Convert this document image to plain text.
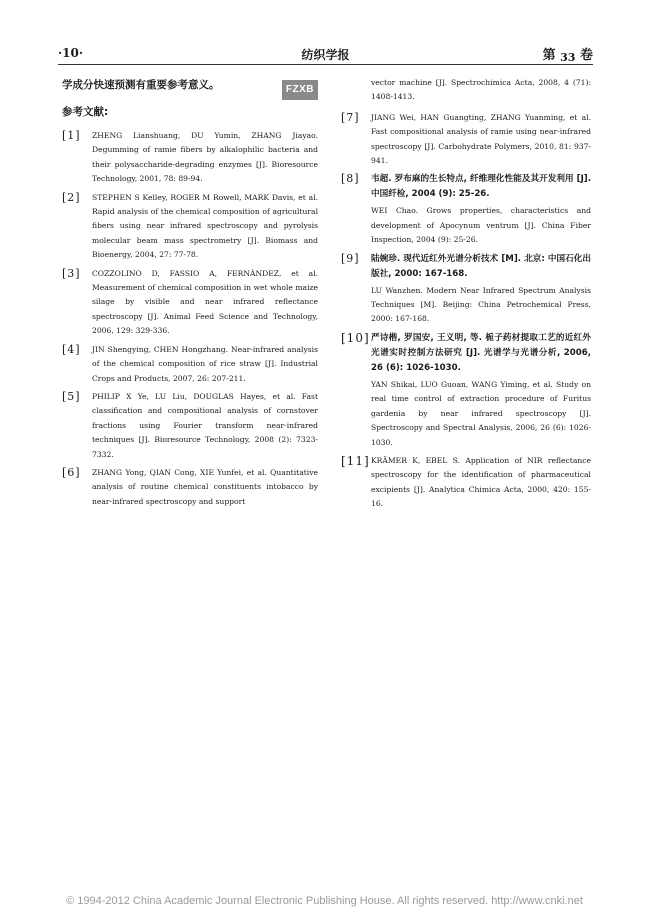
·10·	纺织学报	第 33 卷
学成分快速预测有重要参考意义。	FZXB
参考文献:
[1] ZHENG Lianshuang, DU Yumin, ZHANG Jiayao. Degumming of ramie fibers by alkalophilic bacteria and their polysaccharide-degrading enzymes [J]. Bioresource Technology, 2001, 78: 89-94.

[2] STEPHEN S Kelley, ROGER M Rowell, MARK Davis, et al. Rapid analysis of the chemical composition of agricultural fibers using near infrared spectroscopy and pyrolysis molecular beam mass spectrometry [J]. Biomass and Bioenergy, 2004, 27: 77-78.

[3] COZZOLINO D, FASSIO A, FERNÁNDEZ, et al. Measurement of chemical composition in wet whole maize silage by visible and near infrared reflectance spectroscopy [J]. Animal Feed Science and Technology, 2006, 129: 329-336.

[4] JIN Shengying, CHEN Hongzhang. Near-infrared analysis of the chemical composition of rice straw [J]. Industrial Crops and Products, 2007, 26: 207-211.

[5] PHILIP X Ye, LU Liu, DOUGLAS Hayes, et al. Fast classification and compositional analysis of cornstover fractions using Fourier transform near-infrared techniques [J]. Bioresource Technology, 2008 (2): 7323-7332.

[6] ZHANG Yong, QIAN Cong, XIE Yunfei, et al. Quantitative analysis of routine chemical constituents intobacco by near-infrared spectroscopy and support

vector machine [J]. Spectrochimica Acta, 2008, 4 (71): 1408-1413.

[7] JIANG Wei, HAN Guangting, ZHANG Yuanming, et al. Fast compositional analysis of ramie using near-infrared spectroscopy [J]. Carbohydrate Polymers, 2010, 81: 937-941.

[8] 韦超. 罗布麻的生长特点, 纤维理化性能及其开发利用 [J]. 中国纤检, 2004 (9): 25-26.

WEI Chao. Grows properties, characteristics and development of Apocynum ventrum [J]. China Fiber Inspection, 2004 (9): 25-26.

[9] 陆婉珍. 现代近红外光谱分析技术 [M]. 北京: 中国石化出版社, 2000: 167-168.

LU Wanzhen. Modern Near Infrared Spectrum Analysis Techniques [M]. Beijing: China Petrochemical Press, 2000: 167-168.

[10] 严诗楷, 罗国安, 王义明, 等. 栀子药材提取工艺的近红外光谱实时控制方法研究 [J]. 光谱学与光谱分析, 2006, 26 (6): 1026-1030.

YAN Shikai, LUO Guoan, WANG Yiming, et al. Study on real time control of extraction procedure of Furitus gardenia by near infrared spectroscopy [J]. Spectroscopy and Spectral Analysis, 2006, 26 (6): 1026-1030.

[11] KRÄMER K, EBEL S. Application of NIR reflectance spectroscopy for the identification of pharmaceutical excipients [J]. Analytica Chimica Acta, 2000, 420: 155-16.

© 1994-2012 China Academic Journal Electronic Publishing House. All rights reserved. http://www.cnki.net
